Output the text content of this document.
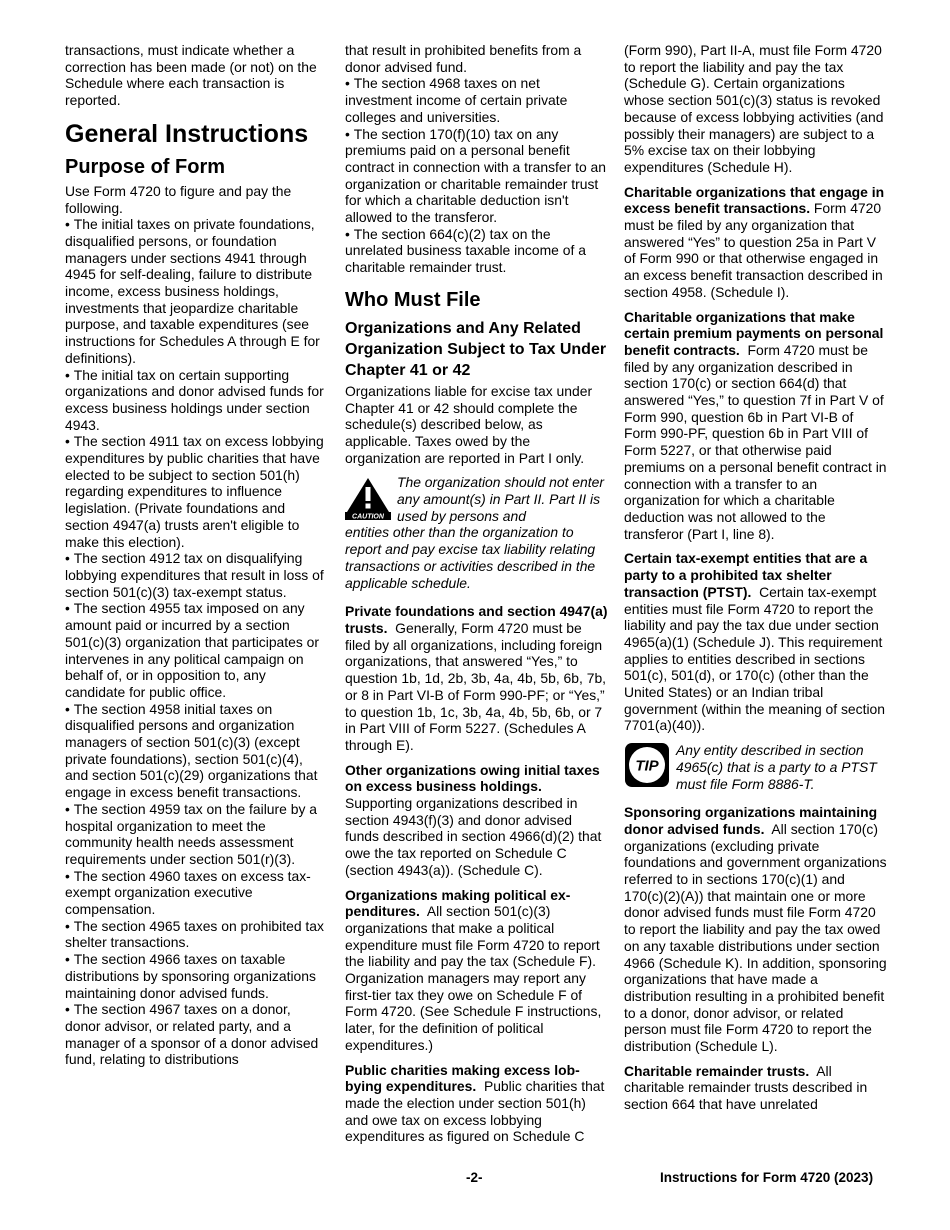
transactions, must indicate whether a correction has been made (or not) on the Schedule where each transaction is reported.

General Instructions
Purpose of Form

Use Form 4720 to figure and pay the following.

• The initial taxes on private foundations, disqualified persons, or foundation managers under sections 4941 through 4945 for self-dealing, failure to distribute income, excess business holdings, investments that jeopardize charitable purpose, and taxable expenditures (see instructions for Schedules A through E for definitions).

• The initial tax on certain supporting organizations and donor advised funds for excess business holdings under section 4943.

• The section 4911 tax on excess lobbying expenditures by public charities that have elected to be subject to section 501(h) regarding expenditures to influence legislation. (Private foundations and section 4947(a) trusts aren't eligible to make this election).

• The section 4912 tax on disqualifying lobbying expenditures that result in loss of section 501(c)(3) tax-exempt status.

• The section 4955 tax imposed on any amount paid or incurred by a section 501(c)(3) organization that participates or intervenes in any political campaign on behalf of, or in opposition to, any candidate for public office.

• The section 4958 initial taxes on disqualified persons and organization managers of section 501(c)(3) (except private foundations), section 501(c)(4), and section 501(c)(29) organizations that engage in excess benefit transactions.

• The section 4959 tax on the failure by a hospital organization to meet the community health needs assessment requirements under section 501(r)(3).

• The section 4960 taxes on excess tax-exempt organization executive compensation.

• The section 4965 taxes on prohibited tax shelter transactions.

• The section 4966 taxes on taxable distributions by sponsoring organizations maintaining donor advised funds.

• The section 4967 taxes on a donor, donor advisor, or related party, and a manager of a sponsor of a donor advised fund, relating to distributions

that result in prohibited benefits from a donor advised fund.

• The section 4968 taxes on net investment income of certain private colleges and universities.

• The section 170(f)(10) tax on any premiums paid on a personal benefit contract in connection with a transfer to an organization or charitable remainder trust for which a charitable deduction isn't allowed to the transferor.

• The section 664(c)(2) tax on the unrelated business taxable income of a charitable remainder trust.

Who Must File
Organizations and Any Related Organization Subject to Tax Under Chapter 41 or 42

Organizations liable for excise tax under Chapter 41 or 42 should complete the schedule(s) described below, as applicable. Taxes owed by the organization are reported in Part I only.

CAUTION
The organization should not enter any amount(s) in Part II. Part II is used by persons and
entities other than the organization to report and pay excise tax liability relating transactions or activities described in the applicable schedule.

Private foundations and section 4947(a) trusts. Generally, Form 4720 must be filed by all organizations, including foreign organizations, that answered “Yes,” to question 1b, 1d, 2b, 3b, 4a, 4b, 5b, 6b, 7b, or 8 in Part VI-B of Form 990-PF; or “Yes,” to question 1b, 1c, 3b, 4a, 4b, 5b, 6b, or 7 in Part VIII of Form 5227. (Schedules A through E).

Other organizations owing initial taxes on excess business holdings. Supporting organizations described in section 4943(f)(3) and donor advised funds described in section 4966(d)(2) that owe the tax reported on Schedule C (section 4943(a)). (Schedule C).

Organizations making political expenditures. All section 501(c)(3) organizations that make a political expenditure must file Form 4720 to report the liability and pay the tax (Schedule F). Organization managers may report any first-tier tax they owe on Schedule F of Form 4720. (See Schedule F instructions, later, for the definition of political expenditures.)

Public charities making excess lobbying expenditures. Public charities that made the election under section 501(h) and owe tax on excess lobbying expenditures as figured on Schedule C

(Form 990), Part II-A, must file Form 4720 to report the liability and pay the tax (Schedule G). Certain organizations whose section 501(c)(3) status is revoked because of excess lobbying activities (and possibly their managers) are subject to a 5% excise tax on their lobbying expenditures (Schedule H).

Charitable organizations that engage in excess benefit transactions. Form 4720 must be filed by any organization that answered “Yes” to question 25a in Part V of Form 990 or that otherwise engaged in an excess benefit transaction described in section 4958. (Schedule I).

Charitable organizations that make certain premium payments on personal benefit contracts. Form 4720 must be filed by any organization described in section 170(c) or section 664(d) that answered “Yes,” to question 7f in Part V of Form 990, question 6b in Part VI-B of Form 990-PF, question 6b in Part VIII of Form 5227, or that otherwise paid premiums on a personal benefit contract in connection with a transfer to an organization for which a charitable deduction was not allowed to the transferor (Part I, line 8).

Certain tax-exempt entities that are a party to a prohibited tax shelter transaction (PTST). Certain tax-exempt entities must file Form 4720 to report the liability and pay the tax due under section 4965(a)(1) (Schedule J). This requirement applies to entities described in sections 501(c), 501(d), or 170(c) (other than the United States) or an Indian tribal government (within the meaning of section 7701(a)(40)).

TIP
Any entity described in section 4965(c) that is a party to a PTST must file Form 8886-T.

Sponsoring organizations maintaining donor advised funds. All section 170(c) organizations (excluding private foundations and government organizations referred to in sections 170(c)(1) and 170(c)(2)(A)) that maintain one or more donor advised funds must file Form 4720 to report the liability and pay the tax owed on any taxable distributions under section 4966 (Schedule K). In addition, sponsoring organizations that have made a distribution resulting in a prohibited benefit to a donor, donor advisor, or related person must file Form 4720 to report the distribution (Schedule L).

Charitable remainder trusts. All charitable remainder trusts described in section 664 that have unrelated

-2-	Instructions for Form 4720 (2023)
